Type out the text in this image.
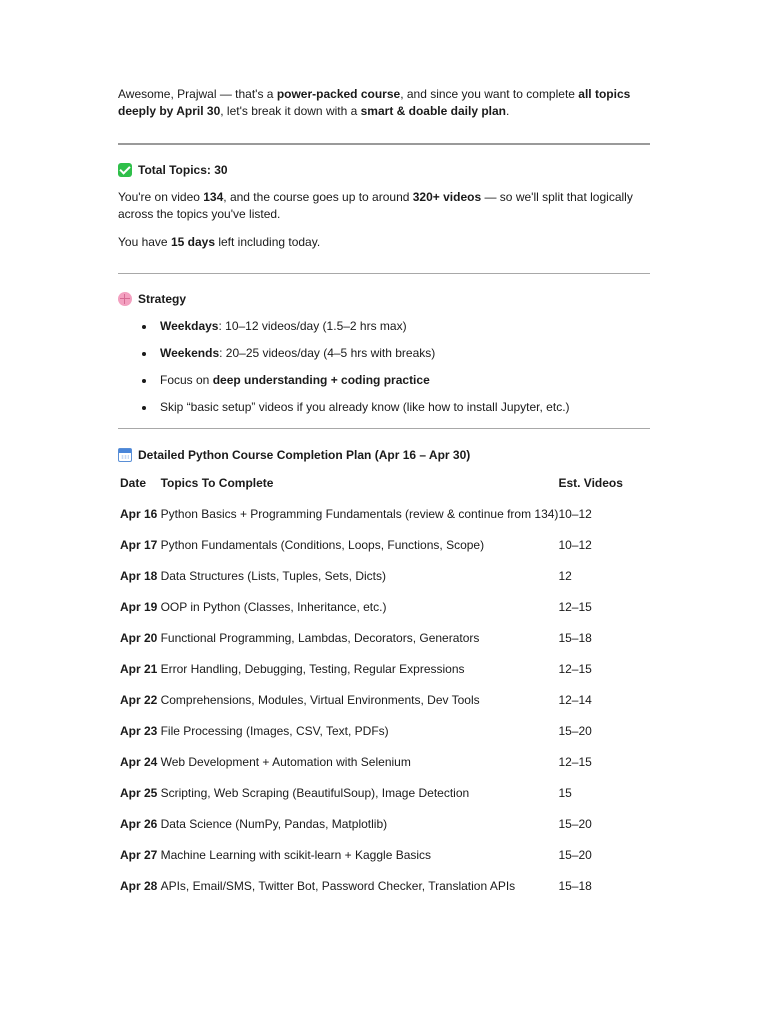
Awesome, Prajwal — that's a power-packed course, and since you want to complete all topics deeply by April 30, let's break it down with a smart & doable daily plan.

Total Topics: 30

You're on video 134, and the course goes up to around 320+ videos — so we'll split that logically across the topics you've listed.

You have 15 days left including today.

Strategy
Weekdays: 10–12 videos/day (1.5–2 hrs max)
Weekends: 20–25 videos/day (4–5 hrs with breaks)
Focus on deep understanding + coding practice
Skip “basic setup” videos if you already know (like how to install Jupyter, etc.)
Detailed Python Course Completion Plan (Apr 16 – Apr 30)
Date	Topics To Complete	Est. Videos
Apr 16	Python Basics + Programming Fundamentals (review & continue from 134)	10–12
Apr 17	Python Fundamentals (Conditions, Loops, Functions, Scope)	10–12
Apr 18	Data Structures (Lists, Tuples, Sets, Dicts)	12
Apr 19	OOP in Python (Classes, Inheritance, etc.)	12–15
Apr 20	Functional Programming, Lambdas, Decorators, Generators	15–18
Apr 21	Error Handling, Debugging, Testing, Regular Expressions	12–15
Apr 22	Comprehensions, Modules, Virtual Environments, Dev Tools	12–14
Apr 23	File Processing (Images, CSV, Text, PDFs)	15–20
Apr 24	Web Development + Automation with Selenium	12–15
Apr 25	Scripting, Web Scraping (BeautifulSoup), Image Detection	15
Apr 26	Data Science (NumPy, Pandas, Matplotlib)	15–20
Apr 27	Machine Learning with scikit-learn + Kaggle Basics	15–20
Apr 28	APIs, Email/SMS, Twitter Bot, Password Checker, Translation APIs	15–18
